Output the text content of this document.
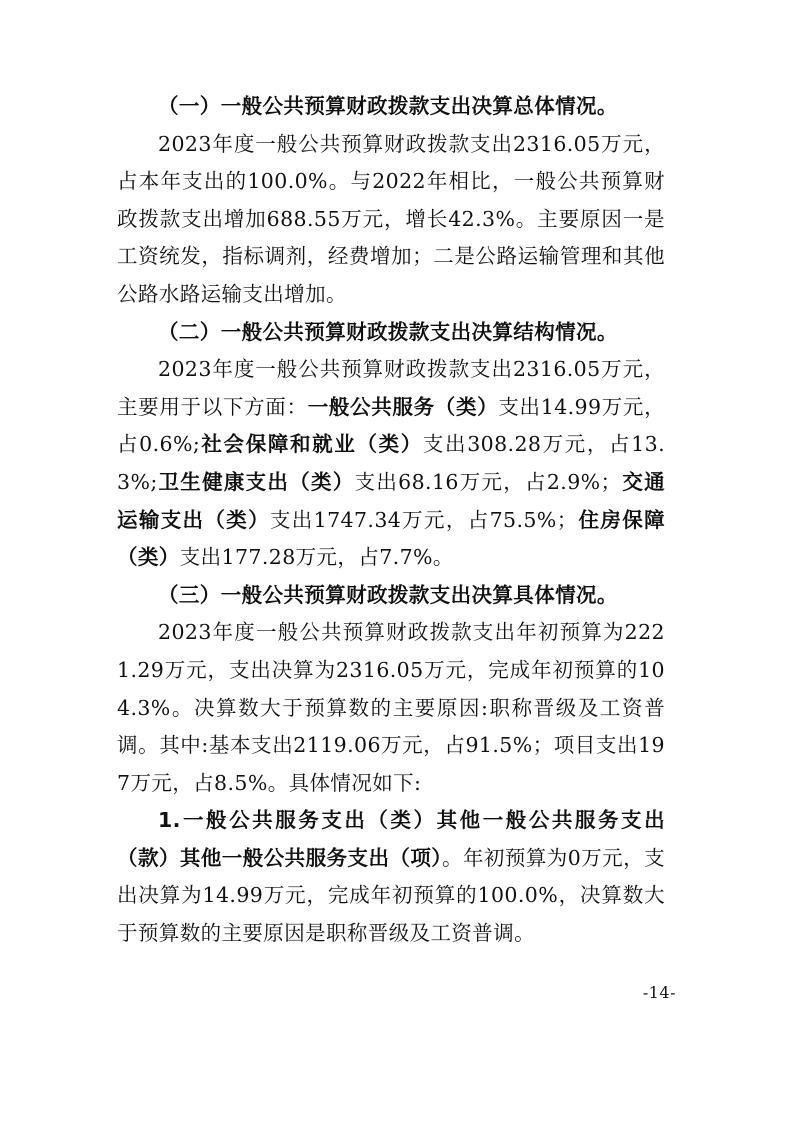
（一）一般公共预算财政拨款支出决算总体情况。

2023年度一般公共预算财政拨款支出2316.05万元，占本年支出的100.0%。与2022年相比，一般公共预算财政拨款支出增加688.55万元，增长42.3%。主要原因一是工资统发，指标调剂，经费增加；二是公路运输管理和其他公路水路运输支出增加。

（二）一般公共预算财政拨款支出决算结构情况。

2023年度一般公共预算财政拨款支出2316.05万元，主要用于以下方面：一般公共服务（类）支出14.99万元，占0.6%;社会保障和就业（类）支出308.28万元，占13.3%;卫生健康支出（类）支出68.16万元，占2.9%；交通运输支出（类）支出1747.34万元，占75.5%；住房保障（类）支出177.28万元，占7.7%。

（三）一般公共预算财政拨款支出决算具体情况。

2023年度一般公共预算财政拨款支出年初预算为2221.29万元，支出决算为2316.05万元，完成年初预算的104.3%。决算数大于预算数的主要原因:职称晋级及工资普调。其中:基本支出2119.06万元，占91.5%；项目支出197万元，占8.5%。具体情况如下:

1.一般公共服务支出（类）其他一般公共服务支出（款）其他一般公共服务支出（项）。年初预算为0万元，支出决算为14.99万元，完成年初预算的100.0%，决算数大于预算数的主要原因是职称晋级及工资普调。

-14-
